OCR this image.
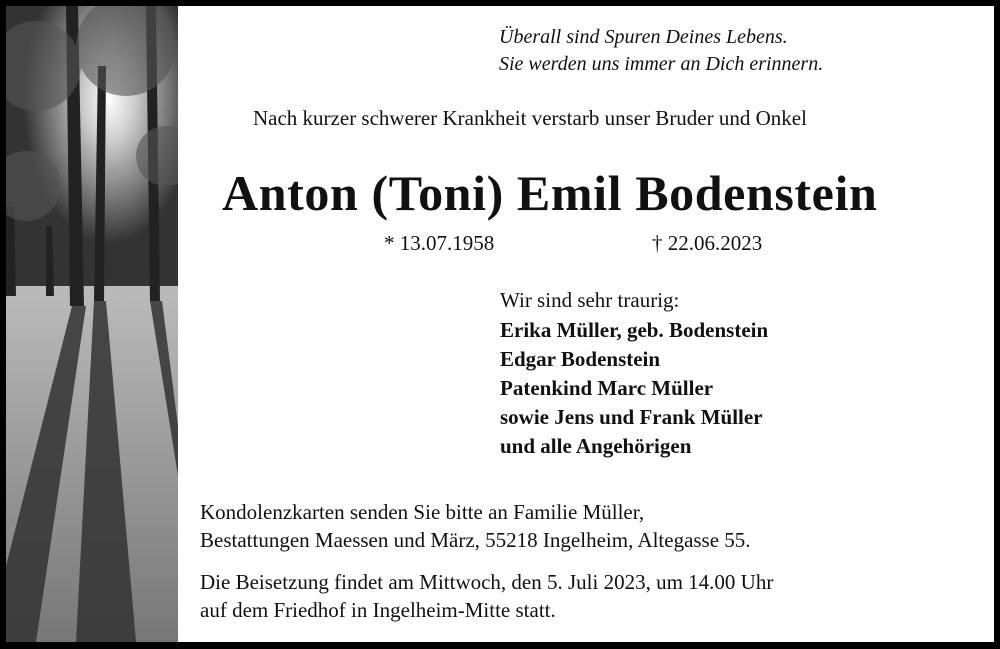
Überall sind Spuren Deines Lebens.
Sie werden uns immer an Dich erinnern.
Nach kurzer schwerer Krankheit verstarb unser Bruder und Onkel
Anton (Toni) Emil Bodenstein
* 13.07.1958	† 22.06.2023
Wir sind sehr traurig:
Erika Müller, geb. Bodenstein
Edgar Bodenstein
Patenkind Marc Müller
sowie Jens und Frank Müller
und alle Angehörigen
Kondolenzkarten senden Sie bitte an Familie Müller,
Bestattungen Maessen und März, 55218 Ingelheim, Altegasse 55.
Die Beisetzung findet am Mittwoch, den 5. Juli 2023, um 14.00 Uhr
auf dem Friedhof in Ingelheim-Mitte statt.
